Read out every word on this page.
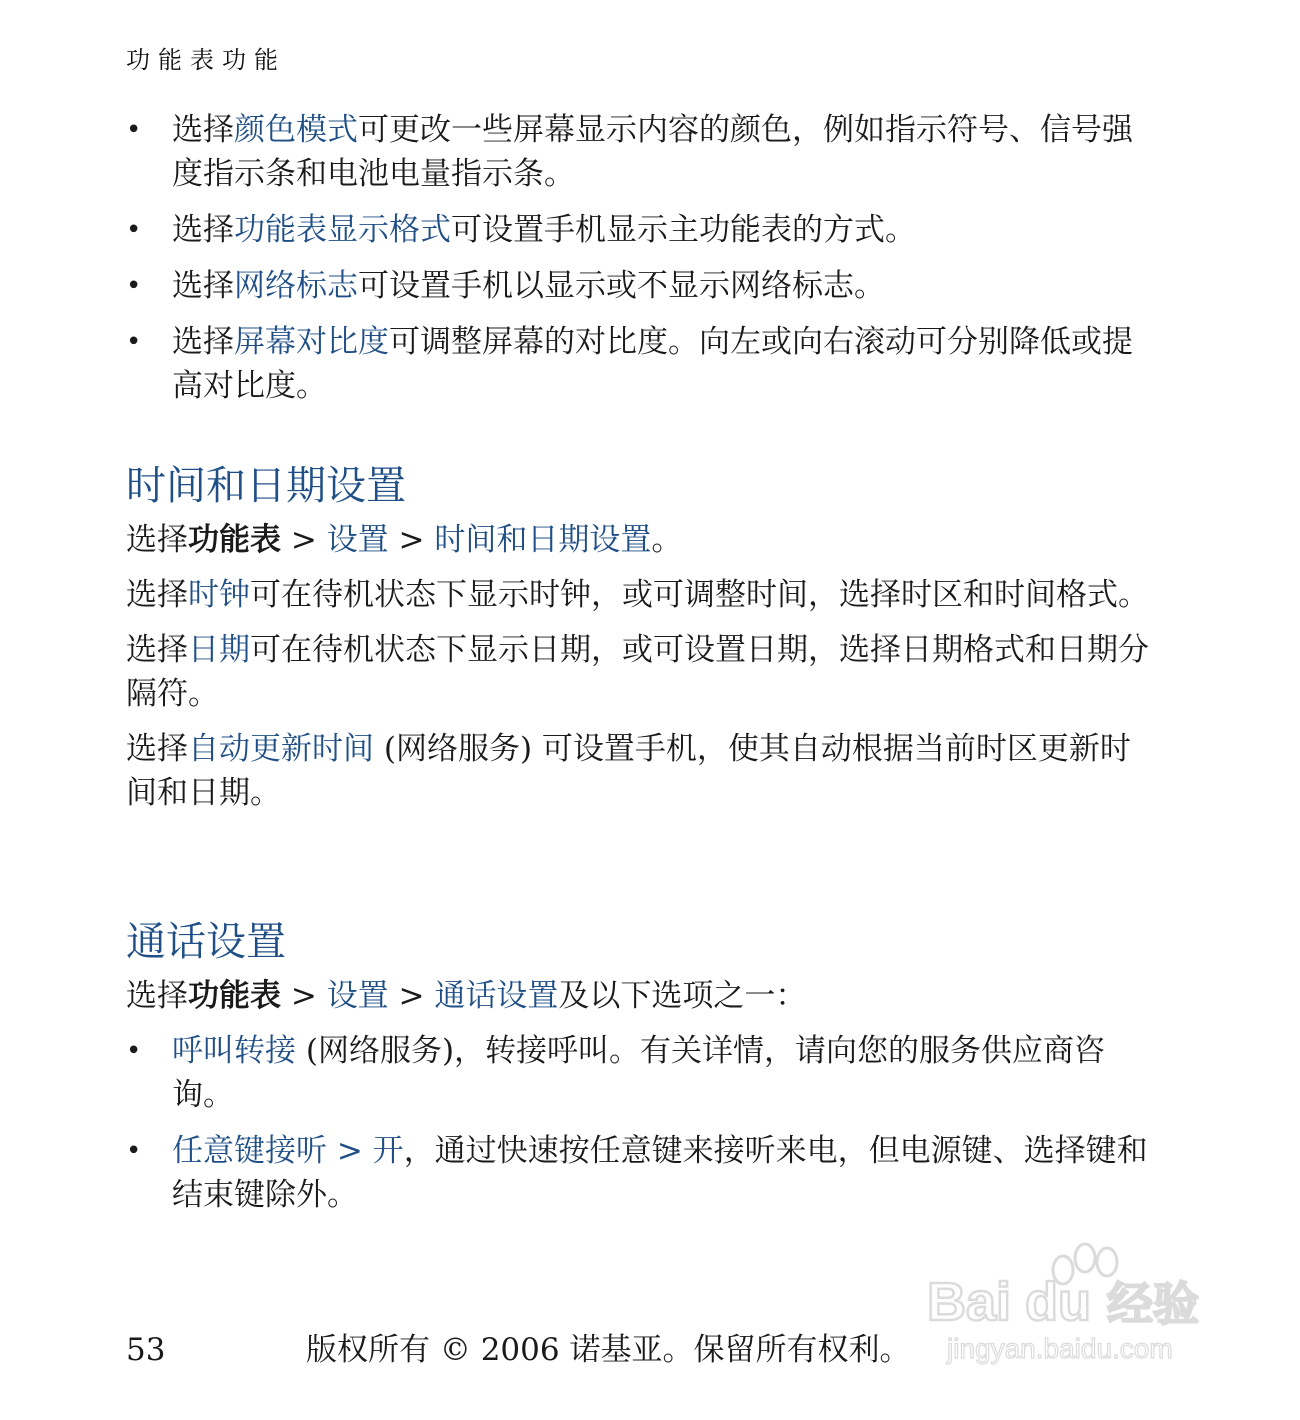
功能表功能
• 选择颜色模式可更改一些屏幕显示内容的颜色，例如指示符号、信号强度指示条和电池电量指示条。
• 选择功能表显示格式可设置手机显示主功能表的方式。
• 选择网络标志可设置手机以显示或不显示网络标志。
• 选择屏幕对比度可调整屏幕的对比度。向左或向右滚动可分别降低或提高对比度。
时间和日期设置

选择功能表 > 设置 > 时间和日期设置。

选择时钟可在待机状态下显示时钟，或可调整时间，选择时区和时间格式。

选择日期可在待机状态下显示日期，或可设置日期，选择日期格式和日期分隔符。

选择自动更新时间 (网络服务) 可设置手机，使其自动根据当前时区更新时间和日期。

通话设置

选择功能表 > 设置 > 通话设置及以下选项之一：

• 呼叫转接 (网络服务)，转接呼叫。有关详情，请向您的服务供应商咨询。
• 任意键接听 > 开，通过快速按任意键来接听来电，但电源键、选择键和结束键除外。
53	版权所有 © 2006 诺基亚。保留所有权利。
Bai du 经验
jingyan.baidu.com
